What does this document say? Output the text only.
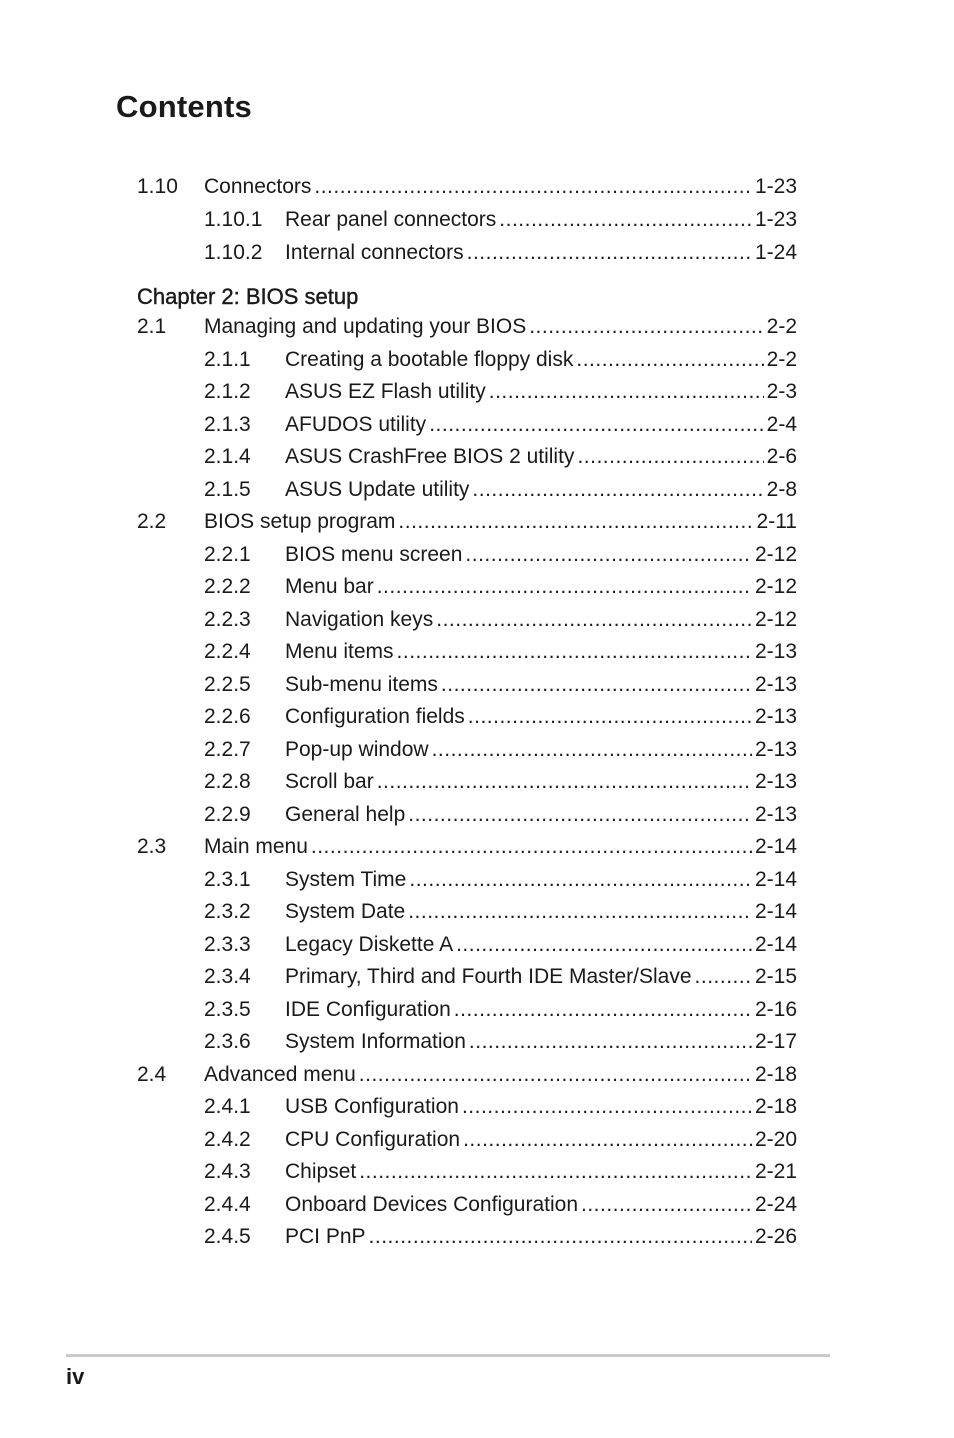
Contents
1.10	Connectors .....	1-23
1.10.1	Rear panel connectors .....	1-23
1.10.2	Internal connectors .....	1-24
Chapter 2: BIOS setup
2.1	Managing and updating your BIOS .....	2-2
2.1.1	Creating a bootable floppy disk .....	2-2
2.1.2	ASUS EZ Flash utility .....	2-3
2.1.3	AFUDOS utility .....	2-4
2.1.4	ASUS CrashFree BIOS 2 utility .....	2-6
2.1.5	ASUS Update utility .....	2-8
2.2	BIOS setup program .....	2-11
2.2.1	BIOS menu screen .....	2-12
2.2.2	Menu bar .....	2-12
2.2.3	Navigation keys .....	2-12
2.2.4	Menu items .....	2-13
2.2.5	Sub-menu items .....	2-13
2.2.6	Configuration fields .....	2-13
2.2.7	Pop-up window .....	2-13
2.2.8	Scroll bar .....	2-13
2.2.9	General help .....	2-13
2.3	Main menu .....	2-14
2.3.1	System Time .....	2-14
2.3.2	System Date .....	2-14
2.3.3	Legacy Diskette A .....	2-14
2.3.4	Primary, Third and Fourth IDE Master/Slave .....	2-15
2.3.5	IDE Configuration .....	2-16
2.3.6	System Information .....	2-17
2.4	Advanced menu .....	2-18
2.4.1	USB Configuration .....	2-18
2.4.2	CPU Configuration .....	2-20
2.4.3	Chipset .....	2-21
2.4.4	Onboard Devices Configuration .....	2-24
2.4.5	PCI PnP .....	2-26
iv
